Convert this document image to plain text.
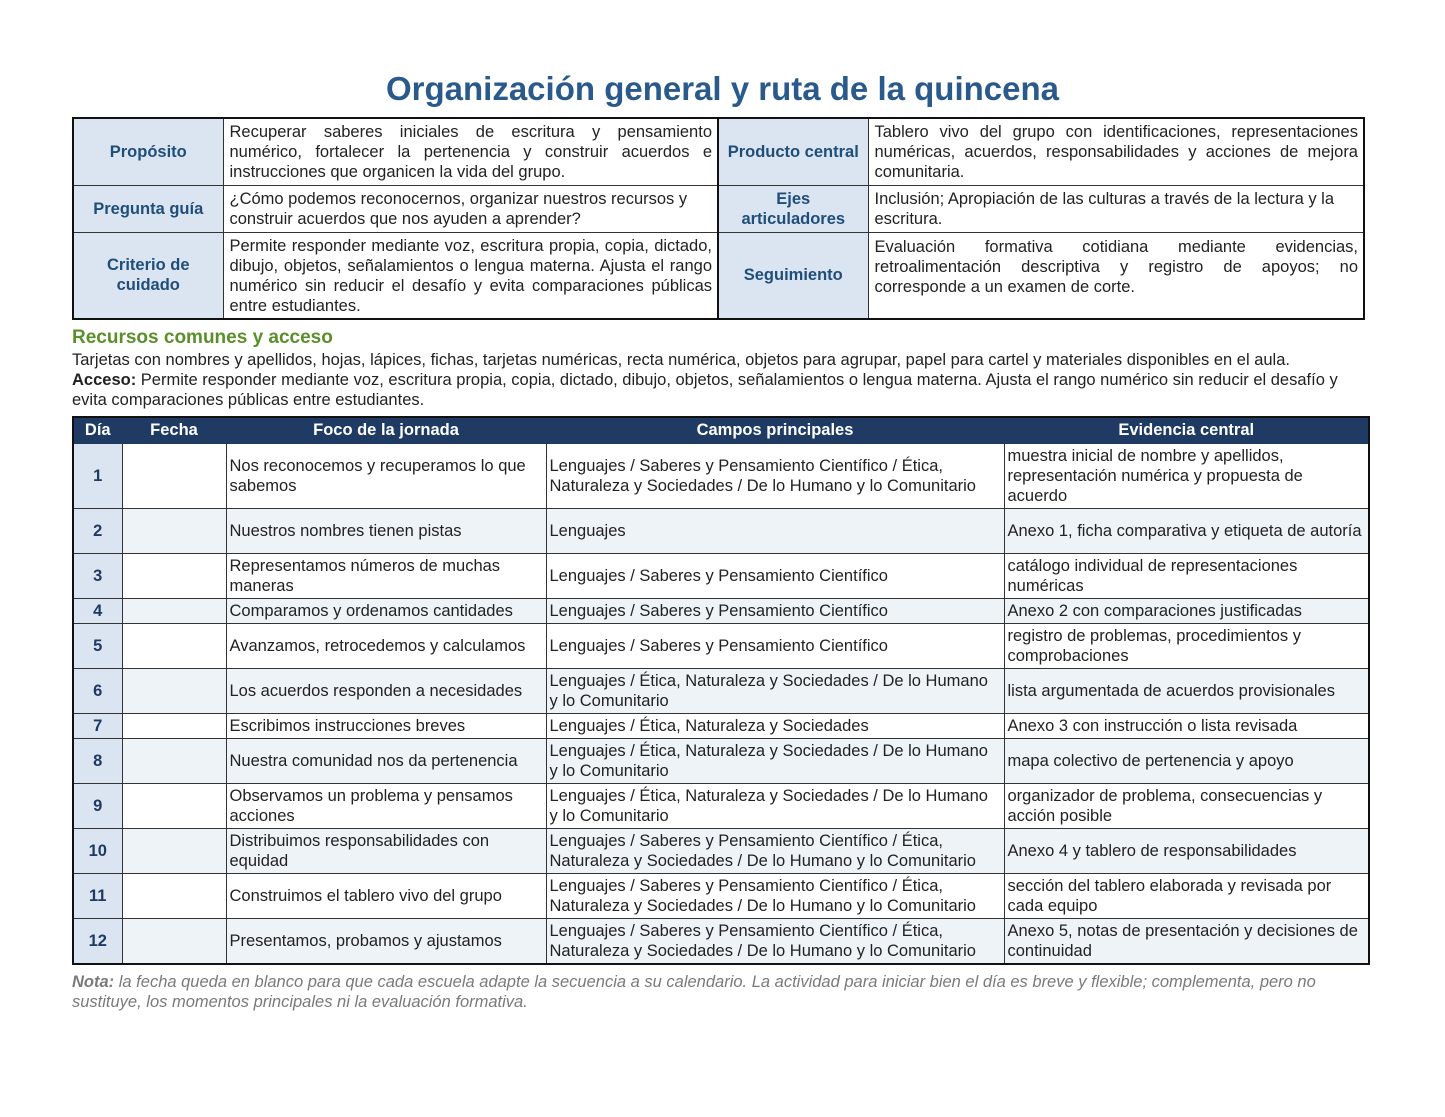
Organización general y ruta de la quincena
Propósito	Recuperar saberes iniciales de escritura y pensamiento numérico, fortalecer la pertenencia y construir acuerdos e instrucciones que organicen la vida del grupo.	Producto central	Tablero vivo del grupo con identificaciones, representaciones numéricas, acuerdos, responsabilidades y acciones de mejora comunitaria.
Pregunta guía	¿Cómo podemos reconocernos, organizar nuestros recursos y construir acuerdos que nos ayuden a aprender?	Ejes articuladores	Inclusión; Apropiación de las culturas a través de la lectura y la escritura.
Criterio de cuidado	Permite responder mediante voz, escritura propia, copia, dictado, dibujo, objetos, señalamientos o lengua materna. Ajusta el rango numérico sin reducir el desafío y evita comparaciones públicas entre estudiantes.	Seguimiento	Evaluación formativa cotidiana mediante evidencias, retroalimentación descriptiva y registro de apoyos; no corresponde a un examen de corte.
Recursos comunes y acceso

Tarjetas con nombres y apellidos, hojas, lápices, fichas, tarjetas numéricas, recta numérica, objetos para agrupar, papel para cartel y materiales disponibles en el aula.

Acceso: Permite responder mediante voz, escritura propia, copia, dictado, dibujo, objetos, señalamientos o lengua materna. Ajusta el rango numérico sin reducir el desafío y evita comparaciones públicas entre estudiantes.

Día	Fecha	Foco de la jornada	Campos principales	Evidencia central
1		Nos reconocemos y recuperamos lo que sabemos	Lenguajes / Saberes y Pensamiento Científico / Ética, Naturaleza y Sociedades / De lo Humano y lo Comunitario	muestra inicial de nombre y apellidos, representación numérica y propuesta de acuerdo
2		Nuestros nombres tienen pistas	Lenguajes	Anexo 1, ficha comparativa y etiqueta de autoría
3		Representamos números de muchas maneras	Lenguajes / Saberes y Pensamiento Científico	catálogo individual de representaciones numéricas
4		Comparamos y ordenamos cantidades	Lenguajes / Saberes y Pensamiento Científico	Anexo 2 con comparaciones justificadas
5		Avanzamos, retrocedemos y calculamos	Lenguajes / Saberes y Pensamiento Científico	registro de problemas, procedimientos y comprobaciones
6		Los acuerdos responden a necesidades	Lenguajes / Ética, Naturaleza y Sociedades / De lo Humano y lo Comunitario	lista argumentada de acuerdos provisionales
7		Escribimos instrucciones breves	Lenguajes / Ética, Naturaleza y Sociedades	Anexo 3 con instrucción o lista revisada
8		Nuestra comunidad nos da pertenencia	Lenguajes / Ética, Naturaleza y Sociedades / De lo Humano y lo Comunitario	mapa colectivo de pertenencia y apoyo
9		Observamos un problema y pensamos acciones	Lenguajes / Ética, Naturaleza y Sociedades / De lo Humano y lo Comunitario	organizador de problema, consecuencias y acción posible
10		Distribuimos responsabilidades con equidad	Lenguajes / Saberes y Pensamiento Científico / Ética, Naturaleza y Sociedades / De lo Humano y lo Comunitario	Anexo 4 y tablero de responsabilidades
11		Construimos el tablero vivo del grupo	Lenguajes / Saberes y Pensamiento Científico / Ética, Naturaleza y Sociedades / De lo Humano y lo Comunitario	sección del tablero elaborada y revisada por cada equipo
12		Presentamos, probamos y ajustamos	Lenguajes / Saberes y Pensamiento Científico / Ética, Naturaleza y Sociedades / De lo Humano y lo Comunitario	Anexo 5, notas de presentación y decisiones de continuidad
Nota: la fecha queda en blanco para que cada escuela adapte la secuencia a su calendario. La actividad para iniciar bien el día es breve y flexible; complementa, pero no sustituye, los momentos principales ni la evaluación formativa.
